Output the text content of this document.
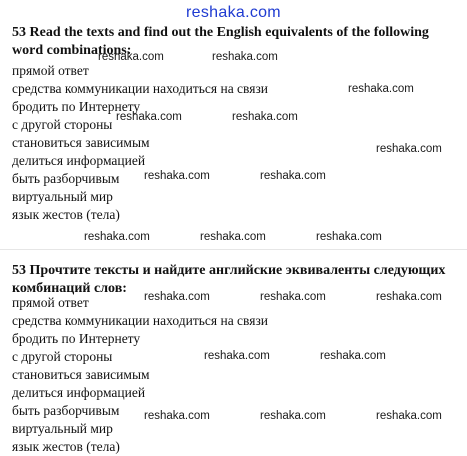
reshaka.com
53 Read the texts and find out the English equivalents of the following word combinations:
прямой ответ
средства коммуникации находиться на связи
бродить по Интернету
с другой стороны
становиться зависимым
делиться информацией
быть разборчивым
виртуальный мир
язык жестов (тела)
53 Прочтите тексты и найдите английские эквиваленты следующих комбинаций слов:
прямой ответ
средства коммуникации находиться на связи
бродить по Интернету
с другой стороны
становиться зависимым
делиться информацией
быть разборчивым
виртуальный мир
язык жестов (тела)
reshaka.com	reshaka.com
reshaka.com
reshaka.com	reshaka.com
reshaka.com
reshaka.com	reshaka.com
reshaka.com	reshaka.com	reshaka.com
reshaka.com	reshaka.com	reshaka.com
reshaka.com	reshaka.com
reshaka.com	reshaka.com	reshaka.com
